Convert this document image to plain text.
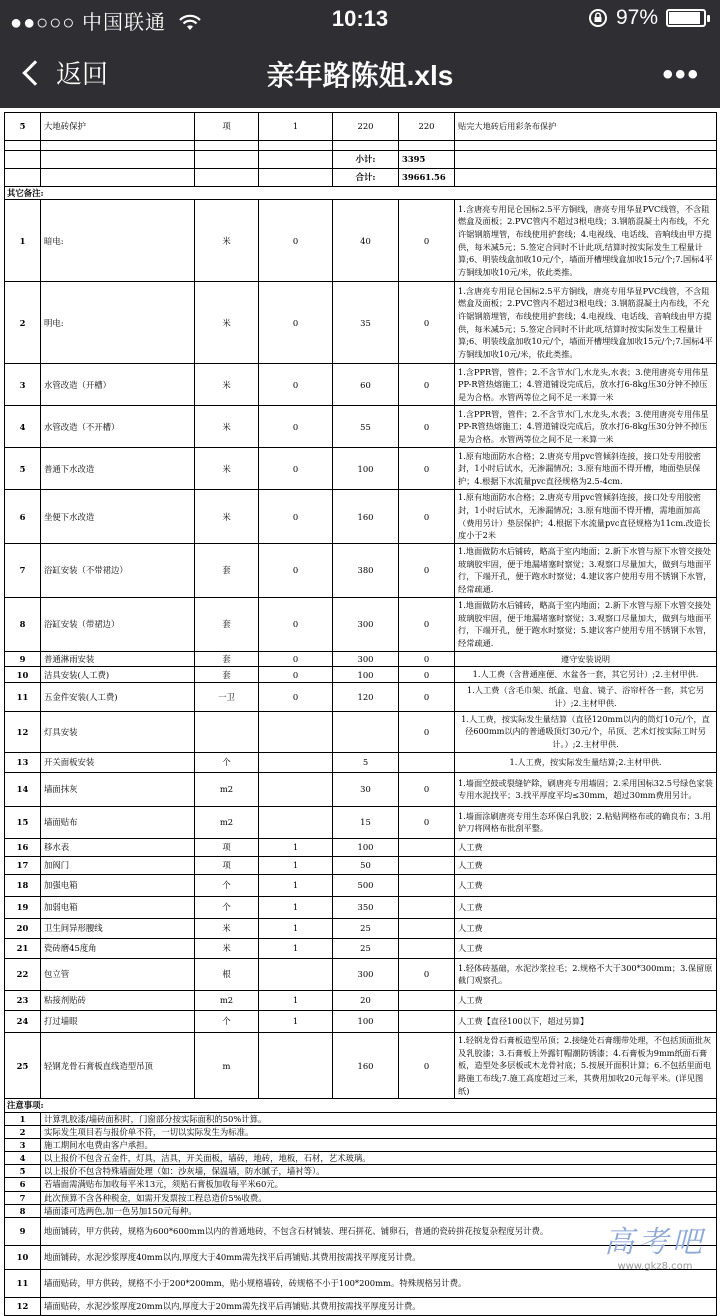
●●○○○ 中国联通	10:13	97%
返回	亲年路陈姐.xls	•••
5	大地砖保护	项	1	220	220	贴完大地砖后用彩条布保护

				小计:	3395	
				合计:	39661.56	
其它备注:						
1	暗电:	米	0	40	0	1.含唐亮专用昆仑国标2.5平方铜线，唐亮专用华显PVC线管，不含阻燃盒及面板；2.PVC管内不超过3根电线；3.钢筋混凝土内布线，不允许锯钢筋埋管，布线使用护套线；4.电视线、电话线、音响线由甲方提供，每米减5元；5.签定合同时不计此项,结算时按实际发生工程量计算;6、明装线盒加收10元/个，墙面开槽埋线盒加收15元/个;7.国标4平方铜线加收10元/米，依此类推。
2	明电:	米	0	35	0	1.含唐亮专用昆仑国标2.5平方铜线，唐亮专用华显PVC线管，不含阻燃盒及面板；2.PVC管内不超过3根电线；3.钢筋混凝土内布线，不允许锯钢筋埋管，布线使用护套线；4.电视线、电话线、音响线由甲方提供，每米减5元；5.签定合同时不计此项,结算时按实际发生工程量计算;6、明装线盒加收10元/个，墙面开槽埋线盒加收15元/个;7.国标4平方铜线加收10元/米，依此类推。
3	水管改造（开槽）	米	0	60	0	1.含PPR管，管件；2.不含节水门,水龙头,水表；3.使用唐亮专用伟星PP-R管热熔施工；4.管道铺设完成后，放水打6-8kg压30分钟不掉压是为合格。水管两等位之间不足一米算一米
4	水管改造（不开槽）	米	0	55	0	1.含PPR管，管件；2.不含节水门,水龙头,水表；3.使用唐亮专用伟星PP-R管热熔施工；4.管道铺设完成后，放水打6-8kg压30分钟不掉压是为合格。水管两等位之间不足一米算一米
5	普通下水改造	米	0	100	0	1.原有地面防水合格；2.唐亮专用pvc管倾斜连接，接口处专用胶密封，1小时后试水，无渗漏情况；3.原有地面不得开槽，地面垫层保护；4.根据下水流量pvc直径规格为2.5-4cm.
6	坐便下水改造	米	0	160	0	1.原有地面防水合格；2.唐亮专用pvc管倾斜连接，接口处专用胶密封，1小时后试水，无渗漏情况；3.原有地面不得开槽，需地面加高（费用另计）垫层保护；4.根据下水流量pvc直径规格为11cm.改造长度小于2米
7	浴缸安装（不带裙边）	套	0	380	0	1.地面做防水后铺砖，略高于室内地面；2.新下水管与原下水管交接处玻璃胶牢固，便于地漏堵塞时察觉；3.观察口尽量加大，做到与地面平行，下端开孔，便于跑水时察觉；4.建议客户使用专用不锈钢下水管，经常疏通.
8	浴缸安装（带裙边）	套	0	300	0	1.地面做防水后铺砖，略高于室内地面；2.新下水管与原下水管交接处玻璃胶牢固，便于地漏堵塞时察觉；3.观察口尽量加大，做到与地面平行，下端开孔，便于跑水时察觉；5.建议客户使用专用不锈钢下水管，经常疏通.
9	普通淋雨安装	套	0	300	0	遵守安装说明
10	洁具安装(人工费)	套	0	100	0	1.人工费（含普通座便、水盆各一套，其它另计）;2.主材甲供.
11	五金件安装(人工费)	一卫	0	120	0	1.人工费（含毛巾架、纸盒、皂盒、镜子、浴帘杆各一套，其它另计）;2.主材甲供.
12	灯具安装				0	1.人工费，按实际发生量结算（直径120mm以内的筒灯10元/个，直径600mm以内的普通吸顶灯30元/个，吊顶、艺术灯按实际工时另计。）;2.主材甲供.
13	开关面板安装	个		5		1.人工费，按实际发生量结算;2.主材甲供.
14	墙面抹灰	m2		30	0	1.墙面空鼓或裂缝铲除，刷唐亮专用墙固；2.采用国标32.5号绿色家装专用水泥找平；3.找平厚度平均≤30mm，超过30mm费用另计。
15	墙面贴布	m2		15	0	1.墙面涂刷唐亮专用生态环保白乳胶；2.粘贴网格布或的确良布；3.用铲刀将网格布批刮平整。
16	移水表	项	1	100		人工费
17	加阀门	项	1	50		人工费
18	加强电箱	个	1	500		人工费
19	加弱电箱	个	1	350		人工费
20	卫生间异形腰线	米	1	25		人工费
21	瓷砖磨45度角	米	1	25		人工费
22	包立管	根		300	0	1.轻体砖基础，水泥沙浆拉毛；2.规格不大于300*300mm；3.保留原截门观察孔。
23	粘接剂贴砖	m2	1	20		人工费
24	打过墙眼	个	1	100		人工费【直径100以下，超过另算】
25	轻钢龙骨石膏板直线造型吊顶	m		160	0	1.轻钢龙骨石膏板造型吊顶；2.接缝处石膏绷带处理，不包括顶面批灰及乳胶漆；3.石膏板上外露钉帽潮防锈漆；4.石膏板为9mm纸面石膏板，造型处多层板或木龙骨衬底；5.按展开面积计算；6.不包括里面电路施工布线;7.施工高度超过三米，其费用加收20元每平米。(详见图纸)
注意事项:						
1	计算乳胶漆/墙砖面积时，门窗部分按实际面积的50%计算。					
2	实际发生项目若与报价单不符，一切以实际发生为标准。					
3	施工期间水电费由客户承担。					
4	以上报价不包含五金件，灯具，洁具，开关面板，墙砖，地砖，地板，石材，艺术玻璃。					
5	以上报价不包含特殊墙面处理（如：沙灰墙，保温墙，防水腻子，墙衬等）。					
6	若墙面需满贴布加收每平米13元，须贴石膏板加收每平米60元。					
7	此次预算不含各种税金，如需开发票按工程总造价5%收费。					
8	墙面漆可选两色,加一色另加150元每种。					
9	地面铺砖，甲方供砖，规格为600*600mm以内的普通地砖，不包含石材铺装、理石拼花、铺卵石，普通的瓷砖拼花按复杂程度另计费。					
10	地面铺砖，水泥沙浆厚度40mm以内,厚度大于40mm需先找平后再铺贴.其费用按需找平厚度另计费。					
11	墙面贴砖，甲方供砖，规格不小于200*200mm，贴小规格墙砖，砖规格不小于100*200mm。特殊规格另计费。					
12	墙面贴砖，水泥沙浆厚度20mm以内,厚度大于20mm需先找平后再铺贴.其费用按需找平厚度另计费。					
高考吧
www.gkz8.com
